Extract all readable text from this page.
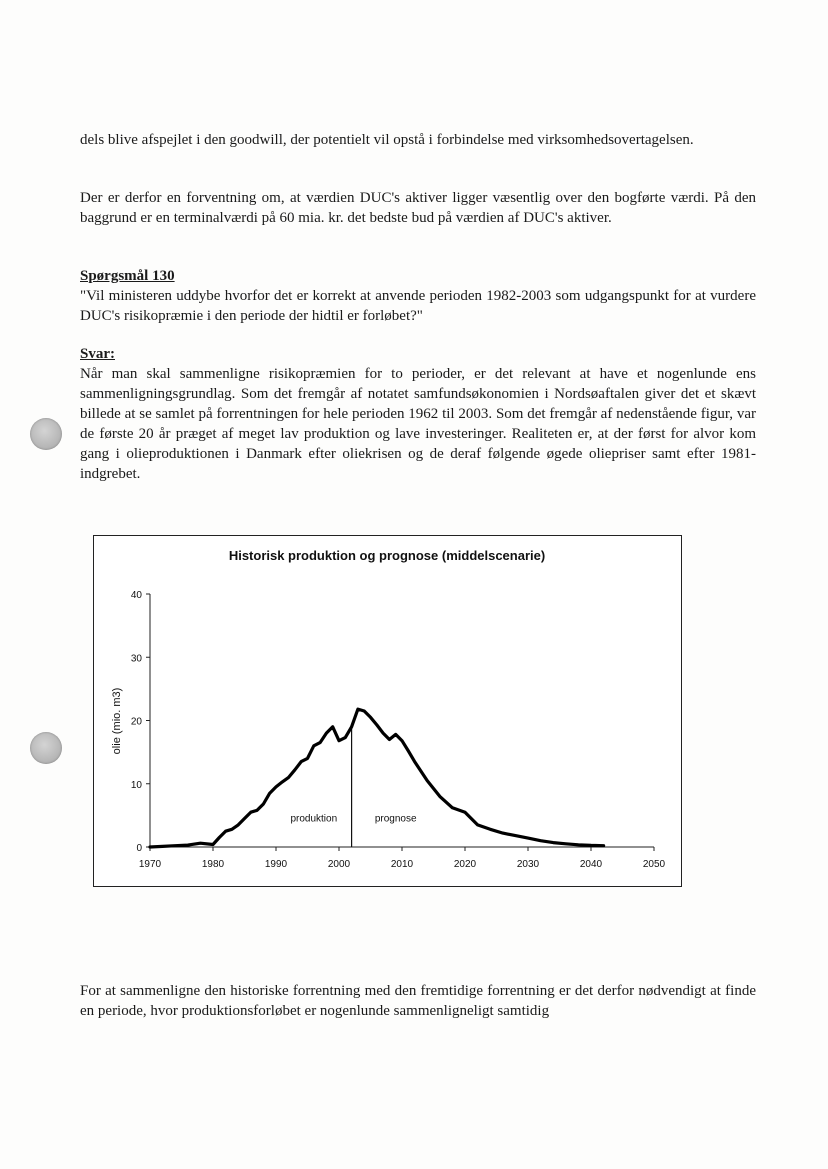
dels blive afspejlet i den goodwill, der potentielt vil opstå i forbindelse med virksomhedsovertagelsen.

Der er derfor en forventning om, at værdien DUC's aktiver ligger væsentlig over den bogførte værdi. På den baggrund er en terminalværdi på 60 mia. kr. det bedste bud på værdien af DUC's aktiver.

Spørgsmål 130

"Vil ministeren uddybe hvorfor det er korrekt at anvende perioden 1982-2003 som udgangspunkt for at vurdere DUC's risikopræmie i den periode der hidtil er forløbet?"

Svar:

Når man skal sammenligne risikopræmien for to perioder, er det relevant at have et nogenlunde ens sammenligningsgrundlag. Som det fremgår af notatet samfundsøkonomien i Nordsøaftalen giver det et skævt billede at se samlet på forrentningen for hele perioden 1962 til 2003. Som det fremgår af nedenstående figur, var de første 20 år præget af meget lav produktion og lave investeringer. Realiteten er, at der først for alvor kom gang i olieproduktionen i Danmark efter oliekrisen og de deraf følgende øgede oliepriser samt efter 1981-indgrebet.

Historisk produktion og prognose (middelscenarie)
olie (mio. m3)
0
10
20
30
40
1970	1980	1990	2000	2010	2020	2030	2040	2050
produktion	prognose

For at sammenligne den historiske forrentning med den fremtidige forrentning er det derfor nødvendigt at finde en periode, hvor produktionsforløbet er nogenlunde sammenligneligt samtidig
